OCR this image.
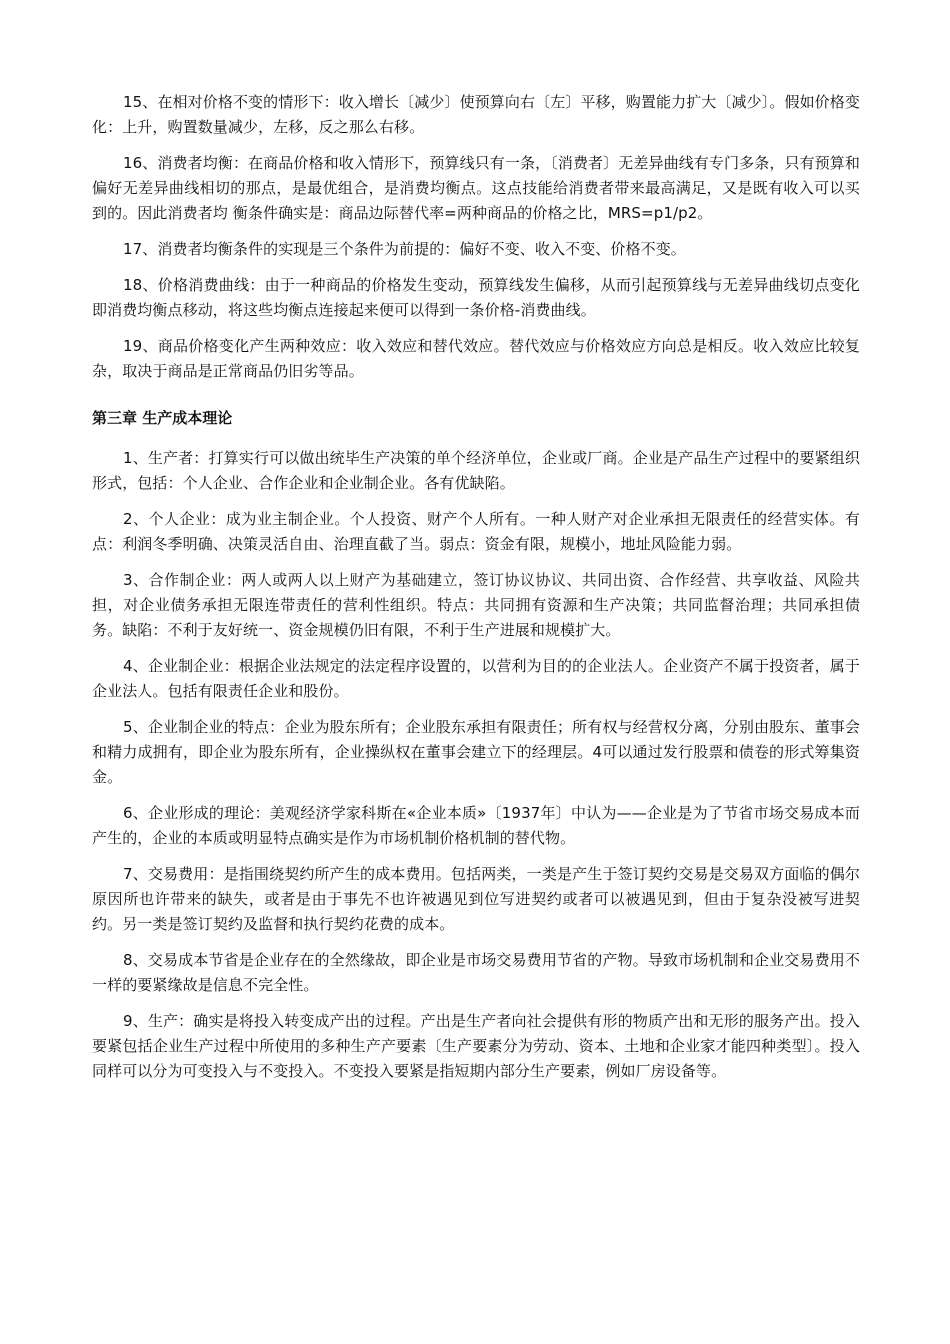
15、在相对价格不变的情形下：收入增长〔减少〕使预算向右〔左〕平移，购置能力扩大〔减少〕。假如价格变化：上升，购置数量减少，左移，反之那么右移。

16、消费者均衡：在商品价格和收入情形下，预算线只有一条，〔消费者〕无差异曲线有专门多条，只有预算和偏好无差异曲线相切的那点，是最优组合，是消费均衡点。这点技能给消费者带来最高满足，又是既有收入可以买到的。因此消费者均 衡条件确实是：商品边际替代率=两种商品的价格之比，MRS=p1/p2。

17、消费者均衡条件的实现是三个条件为前提的：偏好不变、收入不变、价格不变。

18、价格消费曲线：由于一种商品的价格发生变动，预算线发生偏移，从而引起预算线与无差异曲线切点变化即消费均衡点移动，将这些均衡点连接起来便可以得到一条价格-消费曲线。

19、商品价格变化产生两种效应：收入效应和替代效应。替代效应与价格效应方向总是相反。收入效应比较复杂，取决于商品是正常商品仍旧劣等品。

第三章 生产成本理论

1、生产者：打算实行可以做出统毕生产决策的单个经济单位，企业或厂商。企业是产品生产过程中的要紧组织形式，包括：个人企业、合作企业和企业制企业。各有优缺陷。

2、个人企业：成为业主制企业。个人投资、财产个人所有。一种人财产对企业承担无限责任的经营实体。有点：利润冬季明确、决策灵活自由、治理直截了当。弱点：资金有限，规模小，地址风险能力弱。

3、合作制企业：两人或两人以上财产为基础建立，签订协议协议、共同出资、合作经营、共享收益、风险共担，对企业债务承担无限连带责任的营利性组织。特点：共同拥有资源和生产决策；共同监督治理；共同承担债务。缺陷：不利于友好统一、资金规模仍旧有限，不利于生产进展和规模扩大。

4、企业制企业：根据企业法规定的法定程序设置的，以营利为目的的企业法人。企业资产不属于投资者，属于企业法人。包括有限责任企业和股份。

5、企业制企业的特点：企业为股东所有；企业股东承担有限责任；所有权与经营权分离，分别由股东、董事会和精力成拥有，即企业为股东所有，企业操纵权在董事会建立下的经理层。4可以通过发行股票和债卷的形式筹集资金。

6、企业形成的理论：美观经济学家科斯在«企业本质»〔1937年〕中认为——企业是为了节省市场交易成本而产生的，企业的本质或明显特点确实是作为市场机制价格机制的替代物。

7、交易费用：是指围绕契约所产生的成本费用。包括两类，一类是产生于签订契约交易是交易双方面临的偶尔原因所也许带来的缺失，或者是由于事先不也许被遇见到位写进契约或者可以被遇见到，但由于复杂没被写进契约。另一类是签订契约及监督和执行契约花费的成本。

8、交易成本节省是企业存在的全然缘故，即企业是市场交易费用节省的产物。导致市场机制和企业交易费用不一样的要紧缘故是信息不完全性。

9、生产：确实是将投入转变成产出的过程。产出是生产者向社会提供有形的物质产出和无形的服务产出。投入要紧包括企业生产过程中所使用的多种生产产要素〔生产要素分为劳动、资本、土地和企业家才能四种类型〕。投入同样可以分为可变投入与不变投入。不变投入要紧是指短期内部分生产要素，例如厂房设备等。
